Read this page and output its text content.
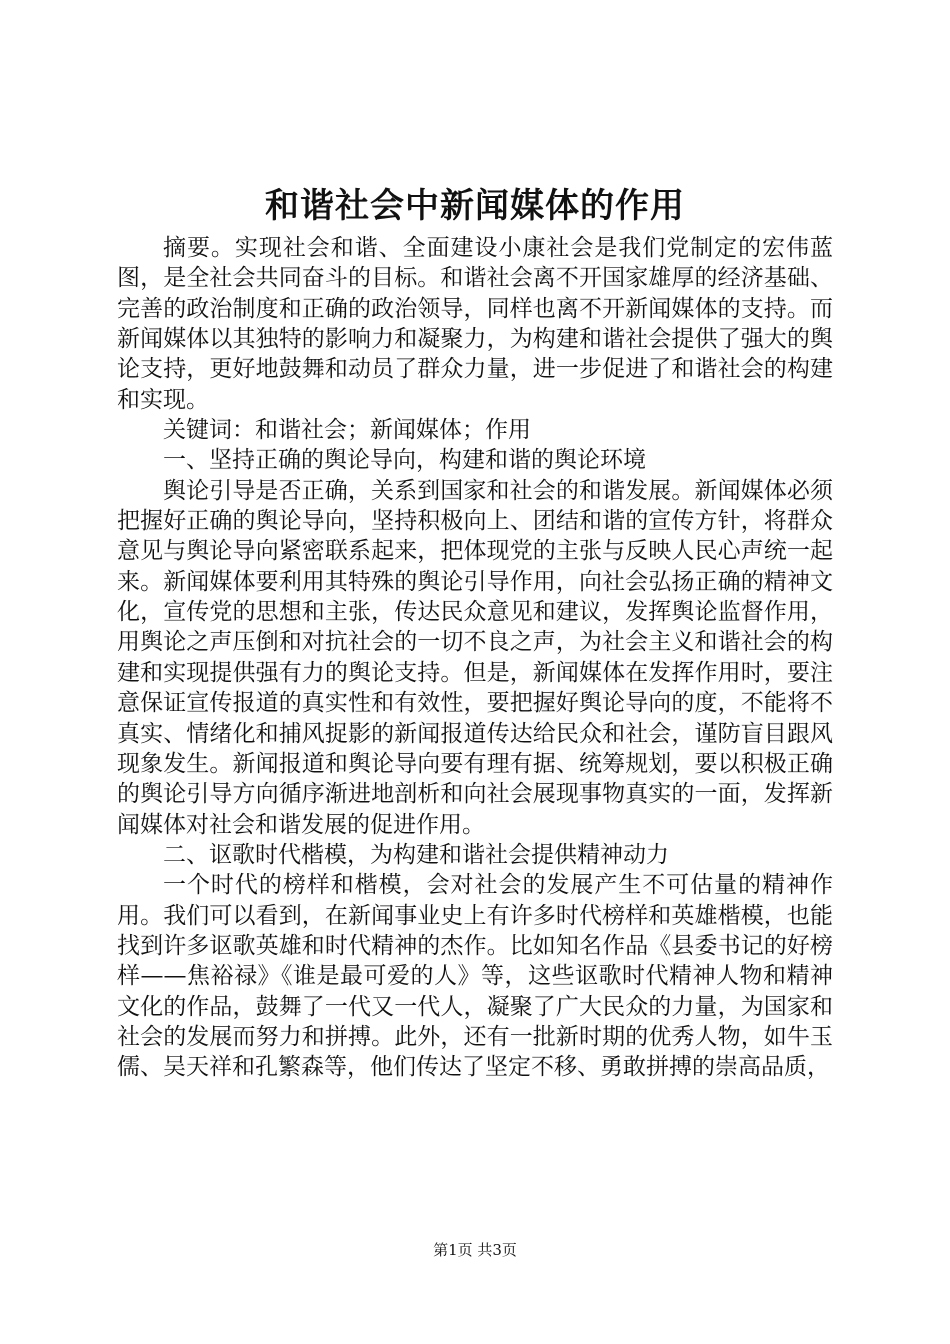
和谐社会中新闻媒体的作用

摘要。实现社会和谐、全面建设小康社会是我们党制定的宏伟蓝图，是全社会共同奋斗的目标。和谐社会离不开国家雄厚的经济基础、完善的政治制度和正确的政治领导，同样也离不开新闻媒体的支持。而新闻媒体以其独特的影响力和凝聚力，为构建和谐社会提供了强大的舆论支持，更好地鼓舞和动员了群众力量，进一步促进了和谐社会的构建和实现。

关键词：和谐社会；新闻媒体；作用

一、坚持正确的舆论导向，构建和谐的舆论环境

舆论引导是否正确，关系到国家和社会的和谐发展。新闻媒体必须把握好正确的舆论导向，坚持积极向上、团结和谐的宣传方针，将群众意见与舆论导向紧密联系起来，把体现党的主张与反映人民心声统一起来。新闻媒体要利用其特殊的舆论引导作用，向社会弘扬正确的精神文化，宣传党的思想和主张，传达民众意见和建议，发挥舆论监督作用，用舆论之声压倒和对抗社会的一切不良之声，为社会主义和谐社会的构建和实现提供强有力的舆论支持。但是，新闻媒体在发挥作用时，要注意保证宣传报道的真实性和有效性，要把握好舆论导向的度，不能将不真实、情绪化和捕风捉影的新闻报道传达给民众和社会，谨防盲目跟风现象发生。新闻报道和舆论导向要有理有据、统筹规划，要以积极正确的舆论引导方向循序渐进地剖析和向社会展现事物真实的一面，发挥新闻媒体对社会和谐发展的促进作用。

二、讴歌时代楷模，为构建和谐社会提供精神动力

一个时代的榜样和楷模，会对社会的发展产生不可估量的精神作用。我们可以看到，在新闻事业史上有许多时代榜样和英雄楷模，也能找到许多讴歌英雄和时代精神的杰作。比如知名作品《县委书记的好榜样——焦裕禄》《谁是最可爱的人》等，这些讴歌时代精神人物和精神文化的作品，鼓舞了一代又一代人，凝聚了广大民众的力量，为国家和社会的发展而努力和拼搏。此外，还有一批新时期的优秀人物，如牛玉儒、吴天祥和孔繁森等，他们传达了坚定不移、勇敢拼搏的崇高品质，

第1页 共3页
